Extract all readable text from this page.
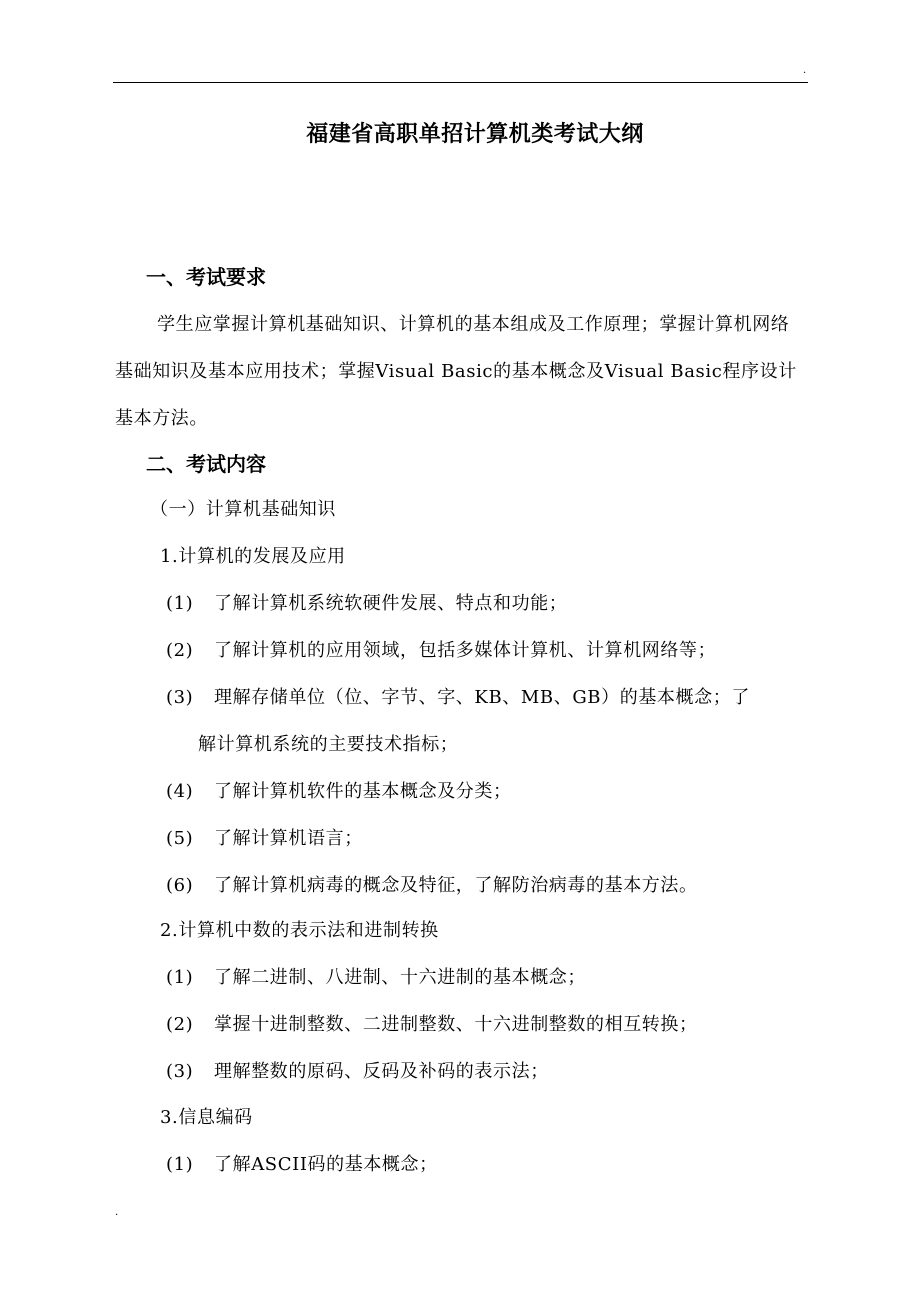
.
福建省高职单招计算机类考试大纲
一、考试要求
学生应掌握计算机基础知识、计算机的基本组成及工作原理；掌握计算机网络基础知识及基本应用技术；掌握Visual Basic的基本概念及Visual Basic程序设计基本方法。
二、考试内容
（一）计算机基础知识
1.计算机的发展及应用
(1) 了解计算机系统软硬件发展、特点和功能；
(2) 了解计算机的应用领域，包括多媒体计算机、计算机网络等；
(3) 理解存储单位（位、字节、字、KB、MB、GB）的基本概念；了
解计算机系统的主要技术指标；
(4) 了解计算机软件的基本概念及分类；
(5) 了解计算机语言；
(6) 了解计算机病毒的概念及特征，了解防治病毒的基本方法。
2.计算机中数的表示法和进制转换
(1) 了解二进制、八进制、十六进制的基本概念；
(2) 掌握十进制整数、二进制整数、十六进制整数的相互转换；
(3) 理解整数的原码、反码及补码的表示法；
3.信息编码
(1) 了解ASCII码的基本概念；
.
